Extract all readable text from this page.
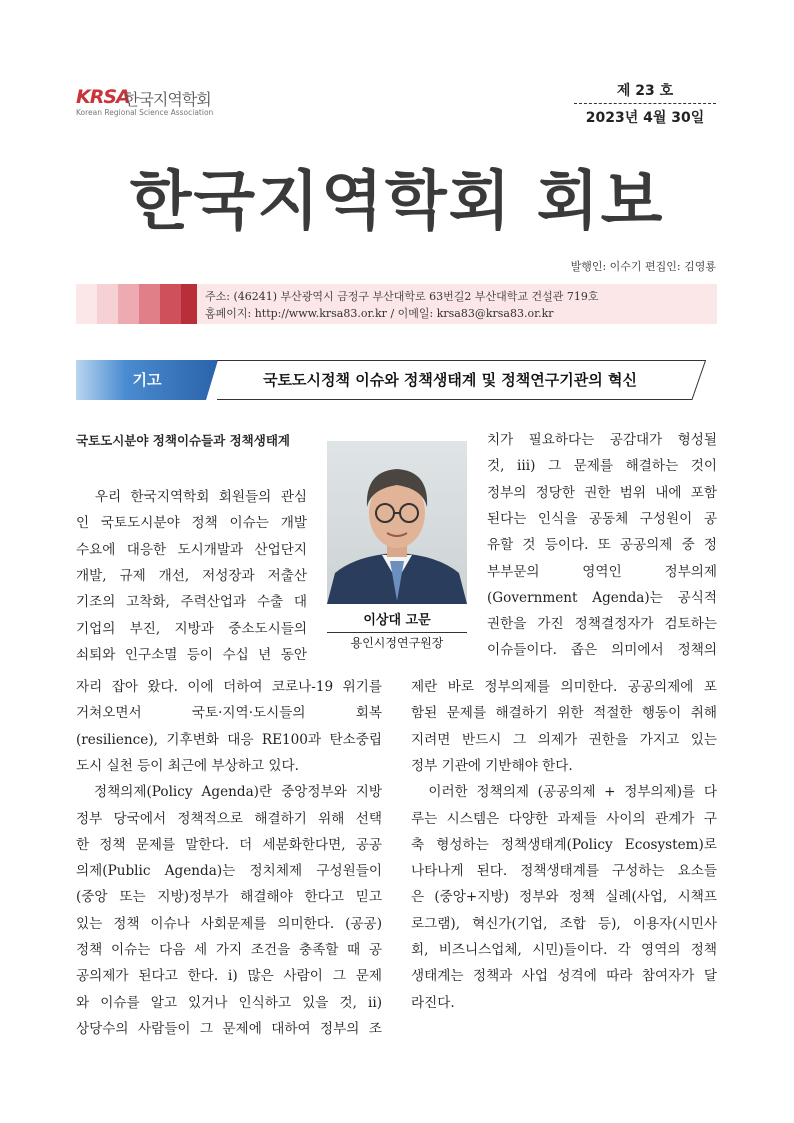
KRSA
한국지역학회
Korean Regional Science Association
제 23 호
2023년 4월 30일
한국지역학회 회보
발행인: 이수기 편집인: 김영룡
주소: (46241) 부산광역시 금정구 부산대학로 63번길2 부산대학교 건설관 719호
홈페이지: http://www.krsa83.or.kr / 이메일: krsa83@krsa83.or.kr
기고	국토도시정책 이슈와 정책생태계 및 정책연구기관의 혁신
국토도시분야 정책이슈들과 정책생태계
우리 한국지역학회 회원들의 관심
인 국토도시분야 정책 이슈는 개발
수요에 대응한 도시개발과 산업단지
개발, 규제 개선, 저성장과 저출산
기조의 고착화, 주력산업과 수출 대
기업의 부진, 지방과 중소도시들의
쇠퇴와 인구소멸 등이 수십 년 동안
이상대 고문
용인시정연구원장
자리 잡아 왔다. 이에 더하여 코로나-19 위기를
거쳐오면서 국토·지역·도시들의 회복
(resilience), 기후변화 대응 RE100과 탄소중립
도시 실천 등이 최근에 부상하고 있다.
정책의제(Policy Agenda)란 중앙정부와 지방
정부 당국에서 정책적으로 해결하기 위해 선택
한 정책 문제를 말한다. 더 세분화한다면, 공공
의제(Public Agenda)는 정치체제 구성원들이
(중앙 또는 지방)정부가 해결해야 한다고 믿고
있는 정책 이슈나 사회문제를 의미한다. (공공)
정책 이슈는 다음 세 가지 조건을 충족할 때 공
공의제가 된다고 한다. i) 많은 사람이 그 문제
와 이슈를 알고 있거나 인식하고 있을 것, ii)
상당수의 사람들이 그 문제에 대하여 정부의 조
치가 필요하다는 공감대가 형성될
것, iii) 그 문제를 해결하는 것이
정부의 정당한 권한 범위 내에 포함
된다는 인식을 공동체 구성원이 공
유할 것 등이다. 또 공공의제 중 정
부부문의 영역인 정부의제
(Government Agenda)는 공식적
권한을 가진 정책결정자가 검토하는
이슈들이다. 좁은 의미에서 정책의
제란 바로 정부의제를 의미한다. 공공의제에 포
함된 문제를 해결하기 위한 적절한 행동이 취해
지려면 반드시 그 의제가 권한을 가지고 있는
정부 기관에 기반해야 한다.
이러한 정책의제 (공공의제 + 정부의제)를 다
루는 시스템은 다양한 과제들 사이의 관계가 구
축 형성하는 정책생태계(Policy Ecosystem)로
나타나게 된다. 정책생태계를 구성하는 요소들
은 (중앙+지방) 정부와 정책 실례(사업, 시책프
로그램), 혁신가(기업, 조합 등), 이용자(시민사
회, 비즈니스업체, 시민)들이다. 각 영역의 정책
생태계는 정책과 사업 성격에 따라 참여자가 달
라진다.
